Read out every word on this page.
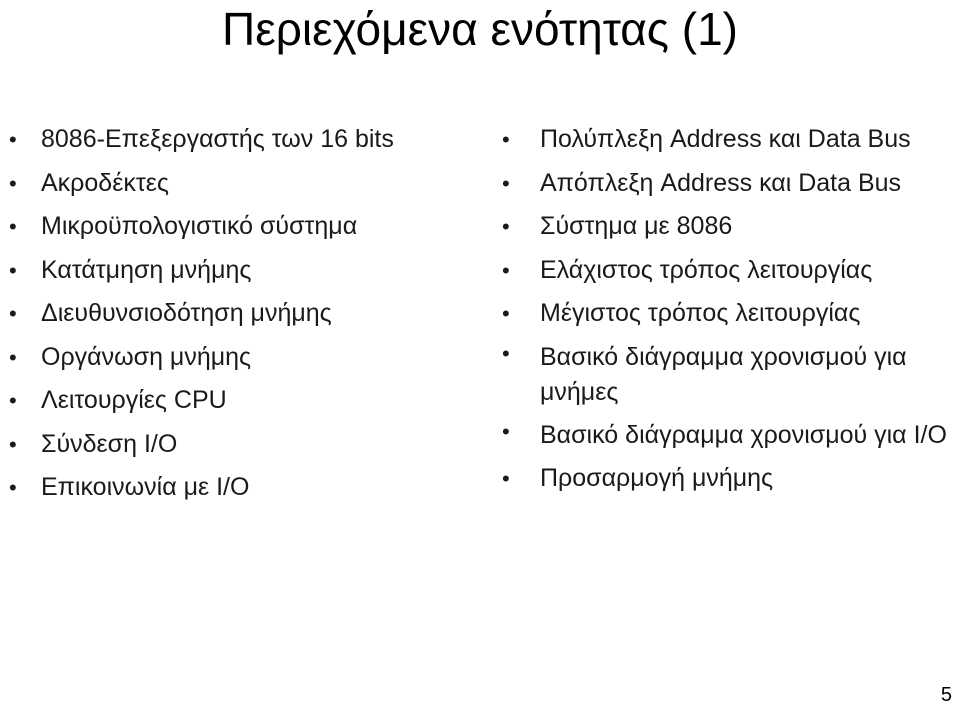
Περιεχόμενα ενότητας (1)
• 8086-Επεξεργαστής των 16 bits
• Ακροδέκτες
• Μικροϋπολογιστικό σύστημα
• Κατάτμηση μνήμης
• Διευθυνσιοδότηση μνήμης
• Οργάνωση μνήμης
• Λειτουργίες CPU
• Σύνδεση I/O
• Επικοινωνία με I/O
• Πολύπλεξη Address και Data Bus
• Απόπλεξη Address και Data Bus
• Σύστημα με 8086
• Ελάχιστος τρόπος λειτουργίας
• Μέγιστος τρόπος λειτουργίας
• Βασικό διάγραμμα χρονισμού για μνήμες
• Βασικό διάγραμμα χρονισμού για I/O
• Προσαρμογή μνήμης
5
